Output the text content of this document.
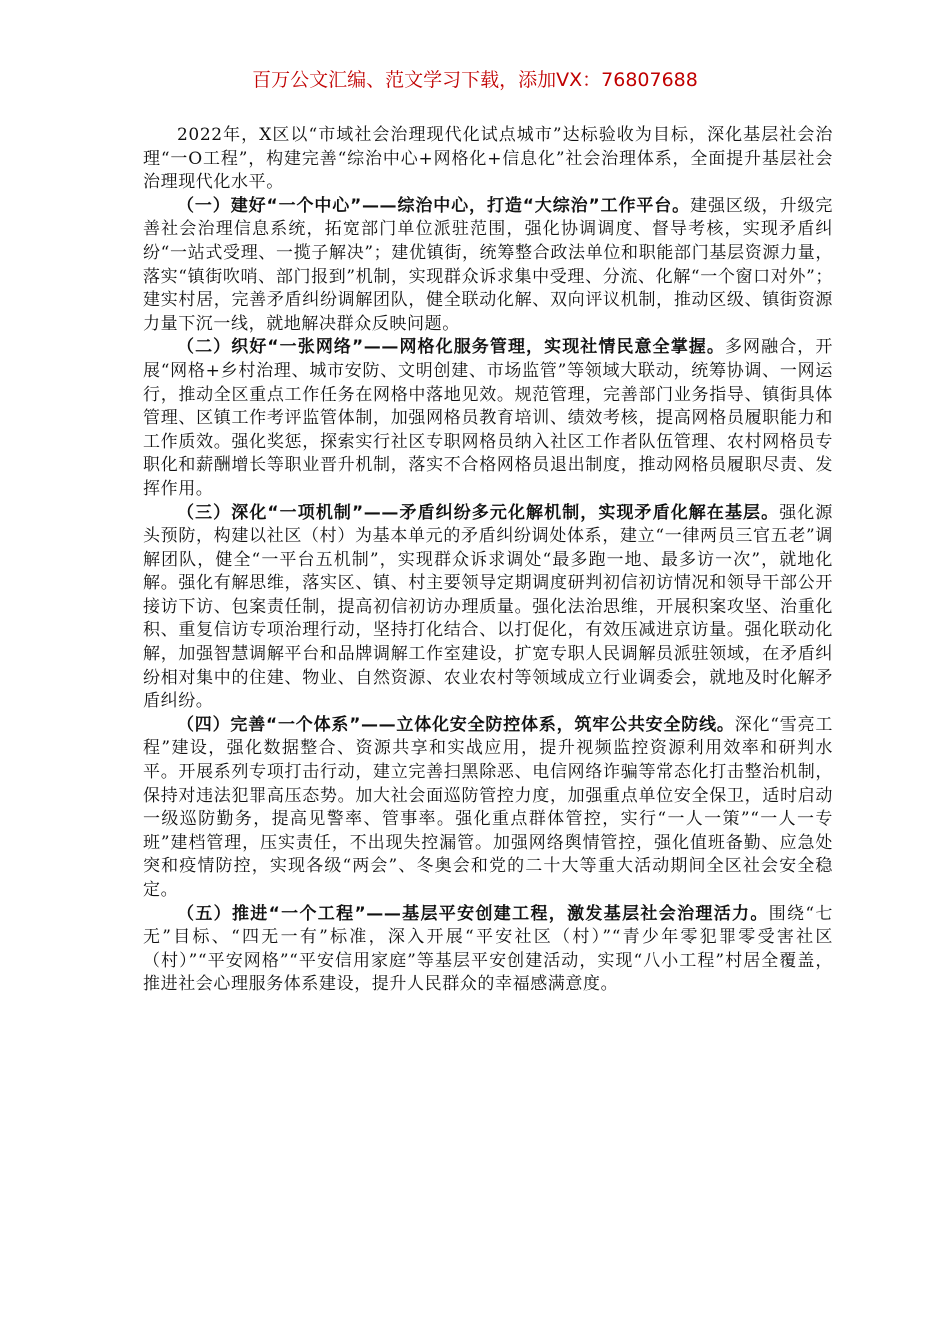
百万公文汇编、范文学习下载，添加VX：76807688

2022年，X区以“市域社会治理现代化试点城市”达标验收为目标，深化基层社会治理“一O工程”，构建完善“综治中心+网格化+信息化”社会治理体系，全面提升基层社会治理现代化水平。

（一）建好“一个中心”——综治中心，打造“大综治”工作平台。建强区级，升级完善社会治理信息系统，拓宽部门单位派驻范围，强化协调调度、督导考核，实现矛盾纠纷“一站式受理、一揽子解决”；建优镇街，统筹整合政法单位和职能部门基层资源力量，落实“镇街吹哨、部门报到”机制，实现群众诉求集中受理、分流、化解“一个窗口对外”；建实村居，完善矛盾纠纷调解团队，健全联动化解、双向评议机制，推动区级、镇街资源力量下沉一线，就地解决群众反映问题。

（二）织好“一张网络”——网格化服务管理，实现社情民意全掌握。多网融合，开展“网格+乡村治理、城市安防、文明创建、市场监管”等领域大联动，统筹协调、一网运行，推动全区重点工作任务在网格中落地见效。规范管理，完善部门业务指导、镇街具体管理、区镇工作考评监管体制，加强网格员教育培训、绩效考核，提高网格员履职能力和工作质效。强化奖惩，探索实行社区专职网格员纳入社区工作者队伍管理、农村网格员专职化和薪酬增长等职业晋升机制，落实不合格网格员退出制度，推动网格员履职尽责、发挥作用。

（三）深化“一项机制”——矛盾纠纷多元化解机制，实现矛盾化解在基层。强化源头预防，构建以社区（村）为基本单元的矛盾纠纷调处体系，建立“一律两员三官五老”调解团队，健全“一平台五机制”，实现群众诉求调处“最多跑一地、最多访一次”，就地化解。强化有解思维，落实区、镇、村主要领导定期调度研判初信初访情况和领导干部公开接访下访、包案责任制，提高初信初访办理质量。强化法治思维，开展积案攻坚、治重化积、重复信访专项治理行动，坚持打化结合、以打促化，有效压减进京访量。强化联动化解，加强智慧调解平台和品牌调解工作室建设，扩宽专职人民调解员派驻领域，在矛盾纠纷相对集中的住建、物业、自然资源、农业农村等领域成立行业调委会，就地及时化解矛盾纠纷。

（四）完善“一个体系”——立体化安全防控体系，筑牢公共安全防线。深化“雪亮工程”建设，强化数据整合、资源共享和实战应用，提升视频监控资源利用效率和研判水平。开展系列专项打击行动，建立完善扫黑除恶、电信网络诈骗等常态化打击整治机制，保持对违法犯罪高压态势。加大社会面巡防管控力度，加强重点单位安全保卫，适时启动一级巡防勤务，提高见警率、管事率。强化重点群体管控，实行“一人一策”“一人一专班”建档管理，压实责任，不出现失控漏管。加强网络舆情管控，强化值班备勤、应急处突和疫情防控，实现各级“两会”、冬奥会和党的二十大等重大活动期间全区社会安全稳定。

（五）推进“一个工程”——基层平安创建工程，激发基层社会治理活力。围绕“七无”目标、“四无一有”标准，深入开展“平安社区（村）”“青少年零犯罪零受害社区（村）”“平安网格”“平安信用家庭”等基层平安创建活动，实现“八小工程”村居全覆盖，推进社会心理服务体系建设，提升人民群众的幸福感满意度。
